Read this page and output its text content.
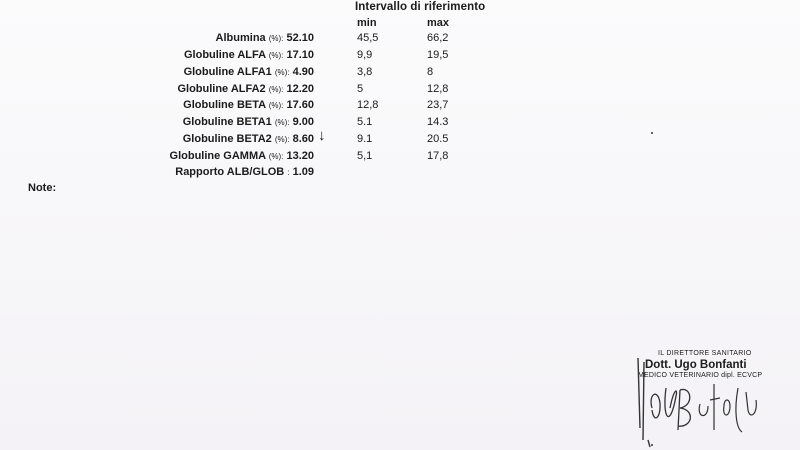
Intervallo di riferimento
min	max
Albumina (%): 52.10	45,5	66,2
Globuline ALFA (%): 17.10	9,9	19,5
Globuline ALFA1 (%): 4.90	3,8	8
Globuline ALFA2 (%): 12.20	5	12,8
Globuline BETA (%): 17.60	12,8	23,7
Globuline BETA1 (%): 9.00	5.1	14.3
Globuline BETA2 (%): 8.60	9.1	20.5
Globuline GAMMA (%): 13.20	5,1	17,8
Rapporto ALB/GLOB : 1.09
↓
Note:
IL DIRETTORE SANITARIO
Dott. Ugo Bonfanti
MEDICO VETERINARIO dipl. ECVCP
